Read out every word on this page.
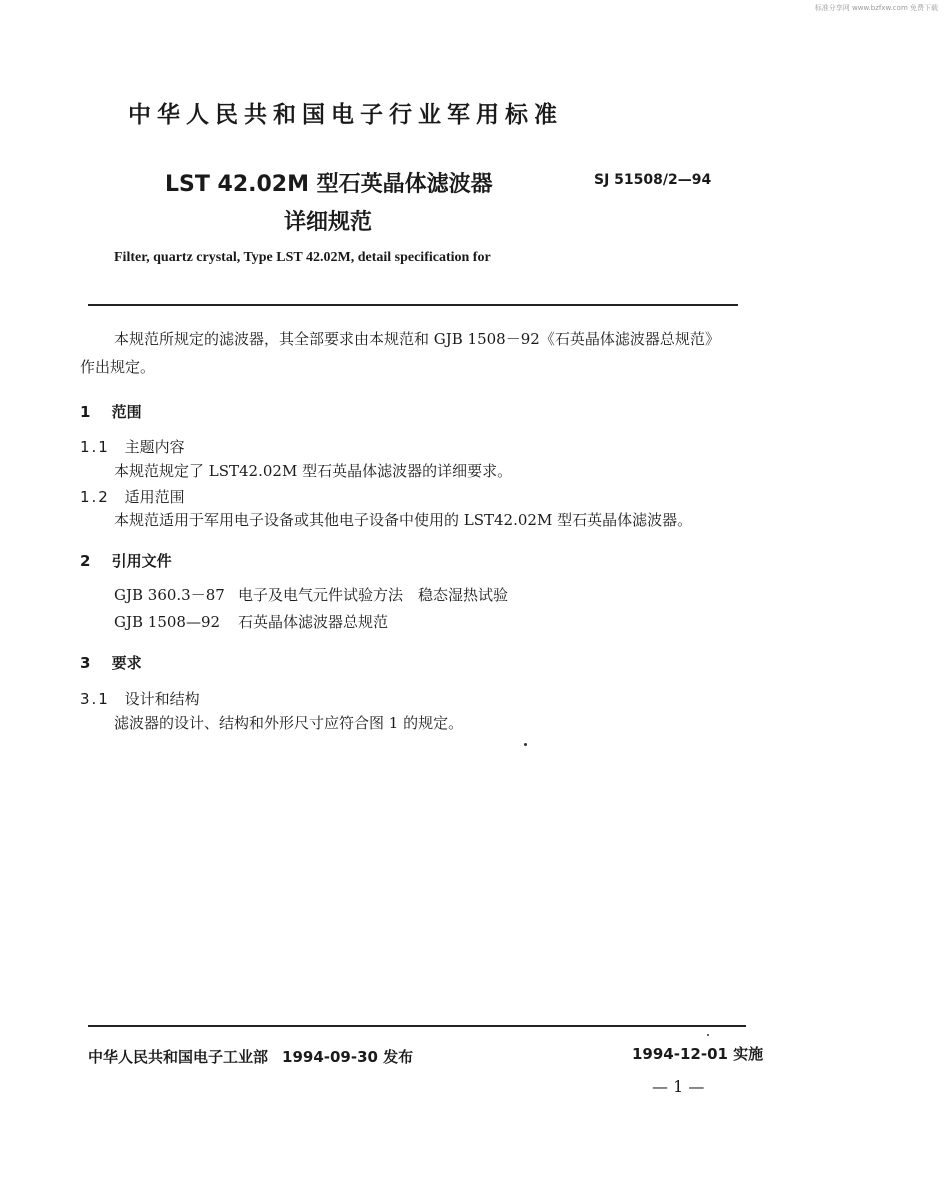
标准分享网 www.bzfxw.com 免费下载
中华人民共和国电子行业军用标准
LST 42.02M 型石英晶体滤波器
详细规范
SJ 51508/2—94
Filter, quartz crystal, Type LST 42.02M, detail specification for
本规范所规定的滤波器，其全部要求由本规范和 GJB 1508－92《石英晶体滤波器总规范》
作出规定。
1 范围
1.1 主题内容
本规范规定了 LST42.02M 型石英晶体滤波器的详细要求。
1.2 适用范围
本规范适用于军用电子设备或其他电子设备中使用的 LST42.02M 型石英晶体滤波器。
2 引用文件
GJB 360.3－87 电子及电气元件试验方法　稳态湿热试验
GJB 1508—92 石英晶体滤波器总规范
3 要求
3.1 设计和结构
滤波器的设计、结构和外形尺寸应符合图 1 的规定。
中华人民共和国电子工业部 1994-09-30 发布	1994-12-01 实施
— 1 —
